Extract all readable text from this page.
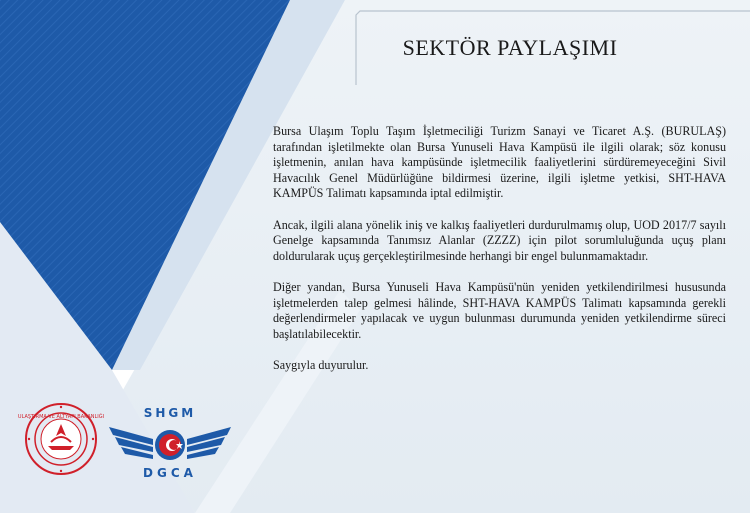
SEKTÖR PAYLAŞIMI

Bursa Ulaşım Toplu Taşım İşletmeciliği Turizm Sanayi ve Ticaret A.Ş. (BURULAŞ) tarafından işletilmekte olan Bursa Yunuseli Hava Kampüsü ile ilgili olarak; söz konusu işletmenin, anılan hava kampüsünde işletmecilik faaliyetlerini sürdüremeyeceğini Sivil Havacılık Genel Müdürlüğüne bildirmesi üzerine, ilgili işletme yetkisi, SHT-HAVA KAMPÜS Talimatı kapsamında iptal edilmiştir.

Ancak, ilgili alana yönelik iniş ve kalkış faaliyetleri durdurulmamış olup, UOD 2017/7 sayılı Genelge kapsamında Tanımsız Alanlar (ZZZZ) için pilot sorumluluğunda uçuş planı doldurularak uçuş gerçekleştirilmesinde herhangi bir engel bulunmamaktadır.

Diğer yandan, Bursa Yunuseli Hava Kampüsü'nün yeniden yetkilendirilmesi hususunda işletmelerden talep gelmesi hâlinde, SHT-HAVA KAMPÜS Talimatı kapsamında gerekli değerlendirmeler yapılacak ve uygun bulunması durumunda yeniden yetkilendirme süreci başlatılabilecektir.

Saygıyla duyurulur.

ULAŞTIRMA VE ALTYAPI BAKANLIĞI	SHGM
DGCA
